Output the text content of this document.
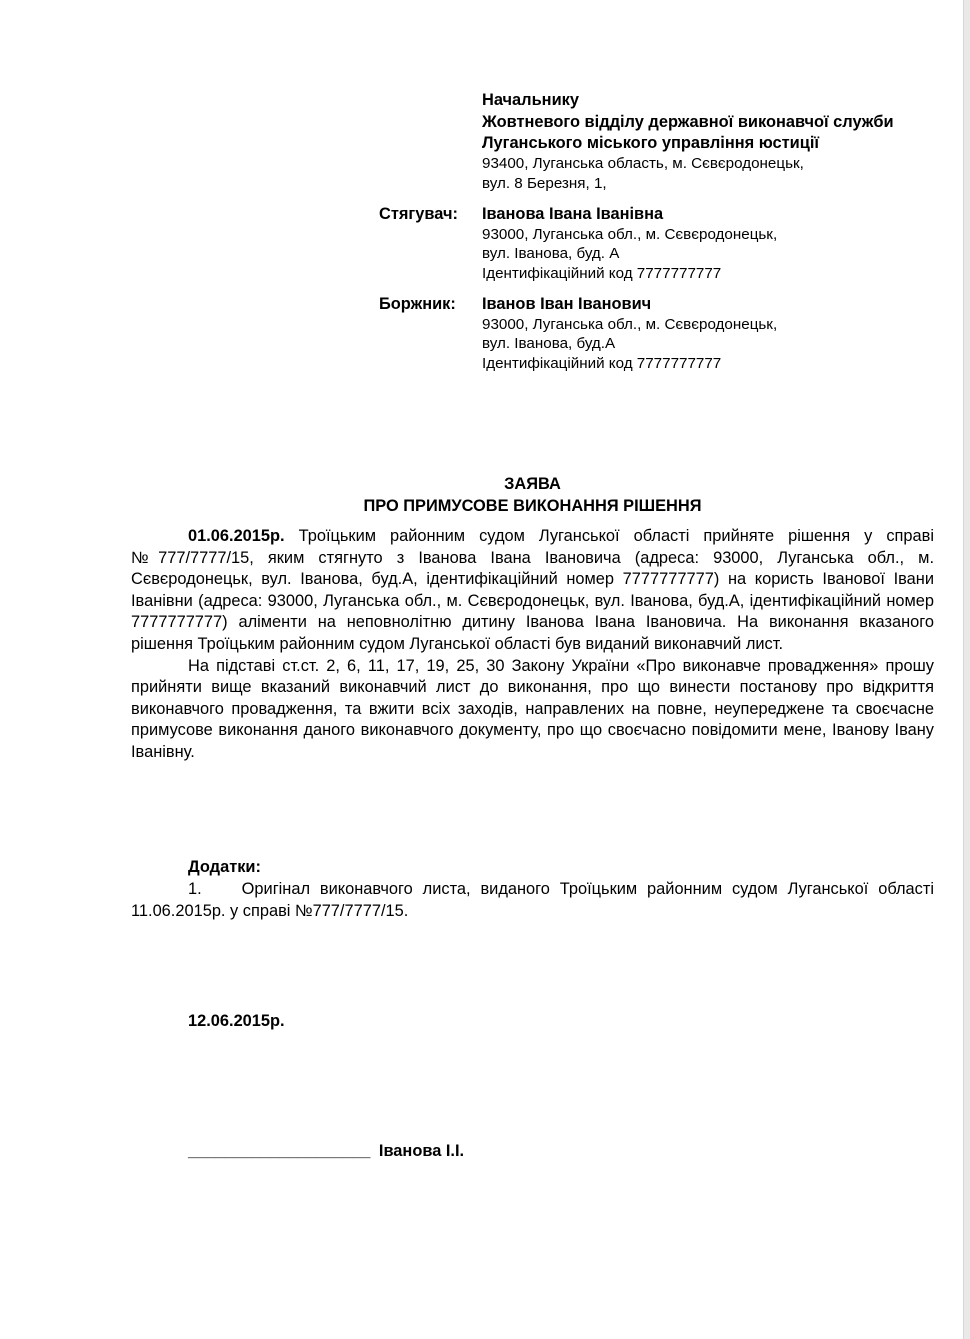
Начальнику
Жовтневого відділу державної виконавчої служби
Луганського міського управління юстиції
93400, Луганська область, м. Сєвєродонецьк,
вул. 8 Березня, 1,
Стягувач: Іванова Івана Іванівна
93000, Луганська обл., м. Сєвєродонецьк,
вул. Іванова, буд. А
Ідентифікаційний код 7777777777
Боржник: Іванов Іван Іванович
93000, Луганська обл., м. Сєвєродонецьк,
вул. Іванова, буд.А
Ідентифікаційний код 7777777777
ЗАЯВА
ПРО ПРИМУСОВЕ ВИКОНАННЯ РІШЕННЯ

01.06.2015р. Троїцьким районним судом Луганської області прийняте рішення у справі №777/7777/15, яким стягнуто з Іванова Івана Івановича (адреса: 93000, Луганська обл., м. Сєвєродонецьк, вул. Іванова, буд.А, ідентифікаційний номер 7777777777) на користь Іванової Івани Іванівни (адреса: 93000, Луганська обл., м. Сєвєродонецьк, вул. Іванова, буд.А, ідентифікаційний номер 7777777777) аліменти на неповнолітню дитину Іванова Івана Івановича. На виконання вказаного рішення Троїцьким районним судом Луганської області був виданий виконавчий лист.

На підставі ст.ст. 2, 6, 11, 17, 19, 25, 30 Закону України «Про виконавче провадження» прошу прийняти вище вказаний виконавчий лист до виконання, про що винести постанову про відкриття виконавчого провадження, та вжити всіх заходів, направлених на повне, неупереджене та своєчасне примусове виконання даного виконавчого документу, про що своєчасно повідомити мене, Іванову Івану Іванівну.

Додатки:

1. Оригінал виконавчого листа, виданого Троїцьким районним судом Луганської області 11.06.2015р. у справі №777/7777/15.

12.06.2015р.
____________________ Іванова І.І.
